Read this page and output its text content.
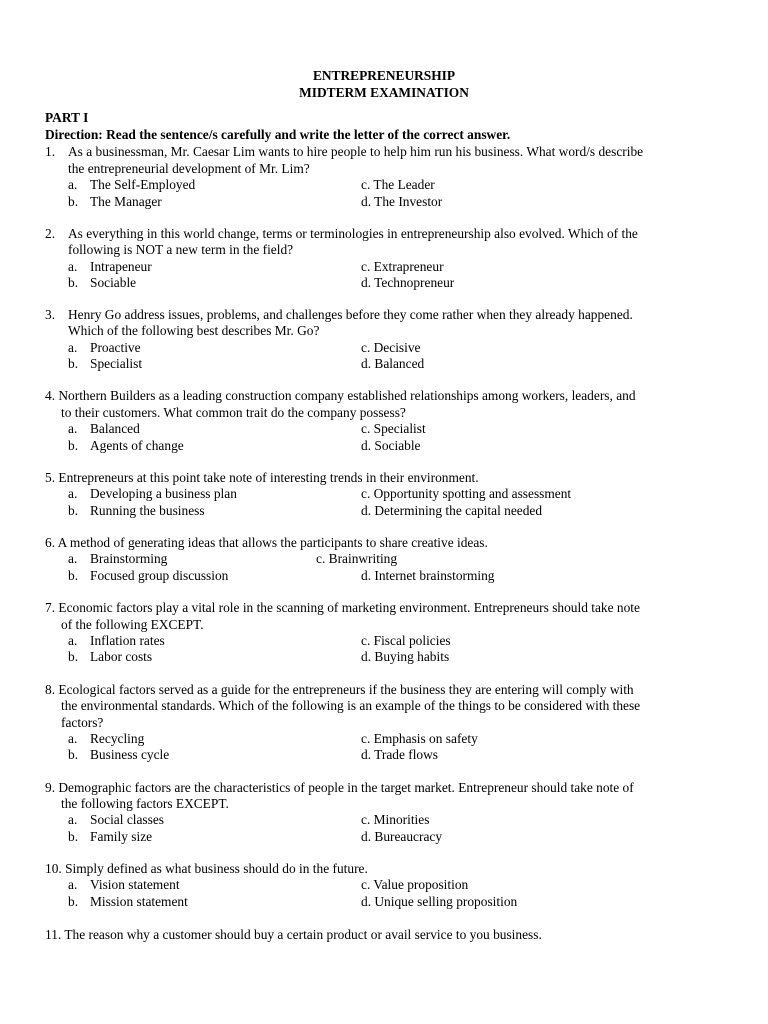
ENTREPRENEURSHIP
MIDTERM EXAMINATION
PART I
Direction: Read the sentence/s carefully and write the letter of the correct answer.
1. As a businessman, Mr. Caesar Lim wants to hire people to help him run his business. What word/s describe
the entrepreneurial development of Mr. Lim?
a. The Self-Employed
b. The Manager
c. The Leader
d. The Investor
2. As everything in this world change, terms or terminologies in entrepreneurship also evolved. Which of the
following is NOT a new term in the field?
a. Intrapeneur
b. Sociable
c. Extrapreneur
d. Technopreneur
3. Henry Go address issues, problems, and challenges before they come rather when they already happened.
Which of the following best describes Mr. Go?
a. Proactive
b. Specialist
c. Decisive
d. Balanced
4. Northern Builders as a leading construction company established relationships among workers, leaders, and
to their customers. What common trait do the company possess?
a. Balanced
b. Agents of change
c. Specialist
d. Sociable
5. Entrepreneurs at this point take note of interesting trends in their environment.
a. Developing a business plan
b. Running the business
c. Opportunity spotting and assessment
d. Determining the capital needed
6. A method of generating ideas that allows the participants to share creative ideas.
a. Brainstorming
b. Focused group discussion
c. Brainwriting
d. Internet brainstorming
7. Economic factors play a vital role in the scanning of marketing environment. Entrepreneurs should take note
of the following EXCEPT.
a. Inflation rates
b. Labor costs
c. Fiscal policies
d. Buying habits
8. Ecological factors served as a guide for the entrepreneurs if the business they are entering will comply with
the environmental standards. Which of the following is an example of the things to be considered with these
factors?
a. Recycling
b. Business cycle
c. Emphasis on safety
d. Trade flows
9. Demographic factors are the characteristics of people in the target market. Entrepreneur should take note of
the following factors EXCEPT.
a. Social classes
b. Family size
c. Minorities
d. Bureaucracy
10. Simply defined as what business should do in the future.
a. Vision statement
b. Mission statement
c. Value proposition
d. Unique selling proposition
11. The reason why a customer should buy a certain product or avail service to you business.
